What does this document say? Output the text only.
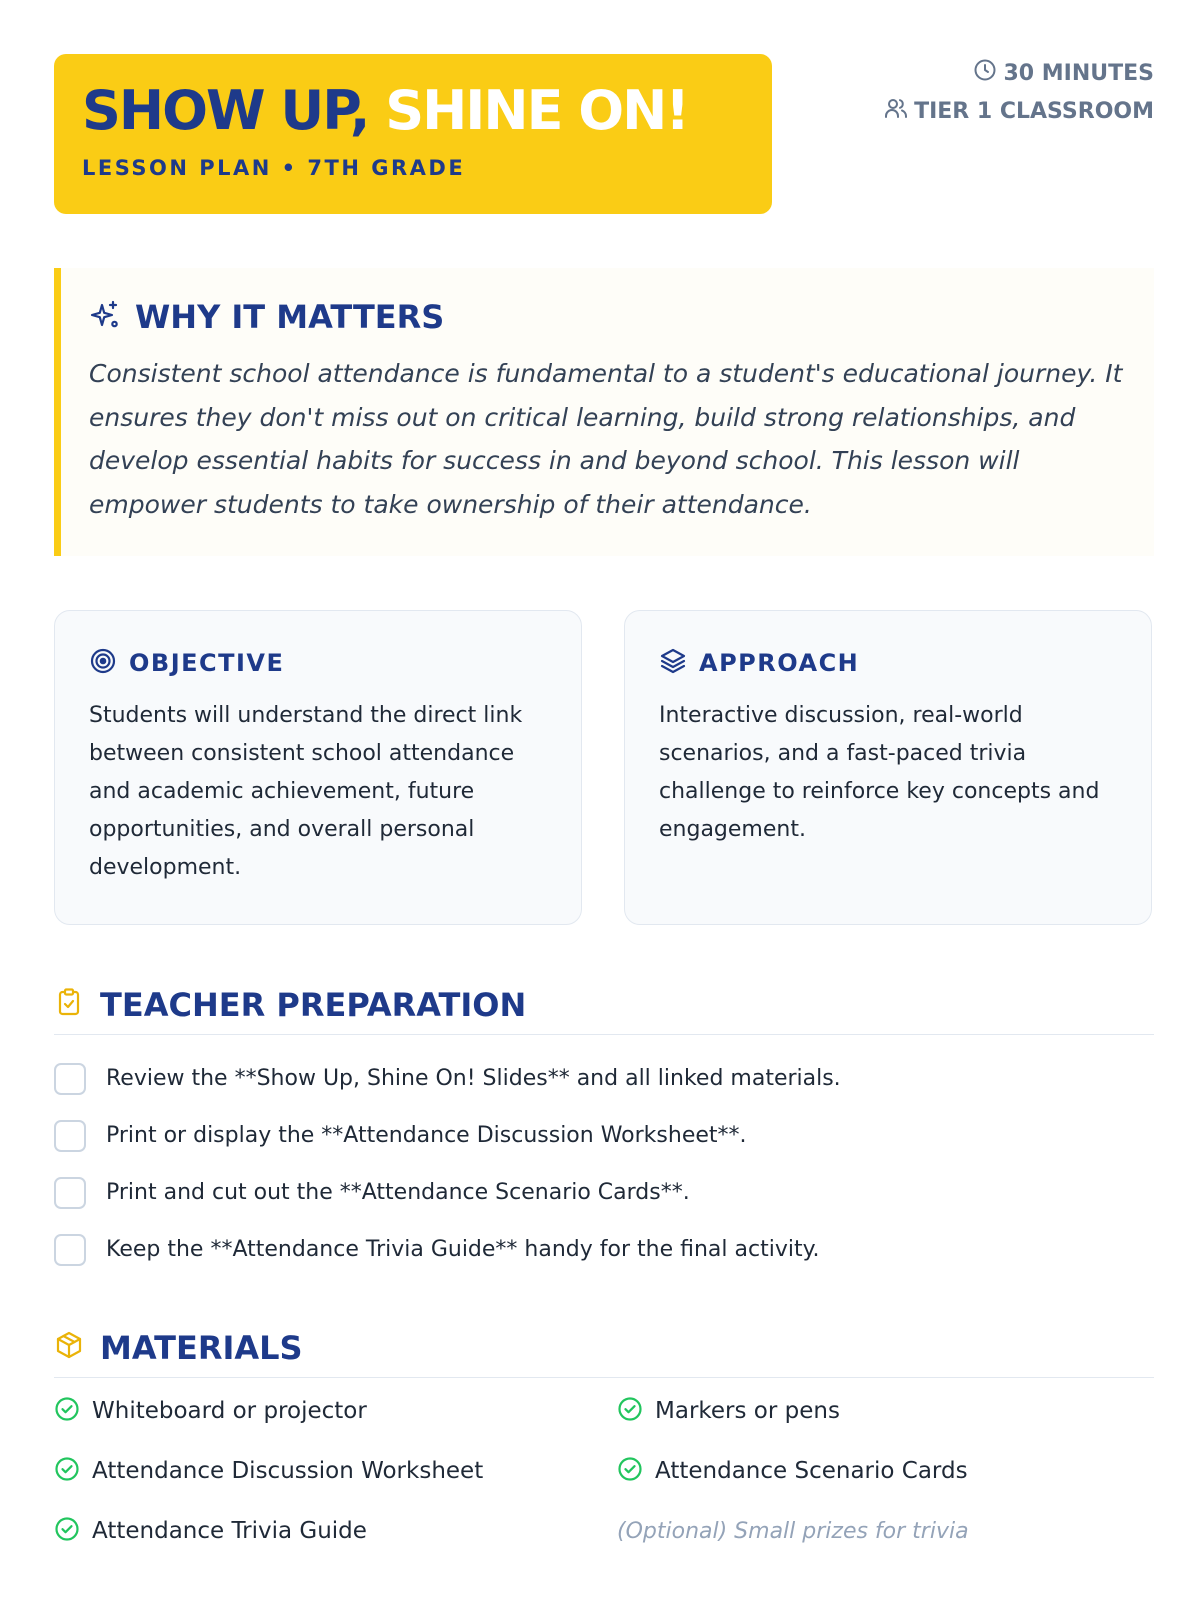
SHOW UP, SHINE ON!
LESSON PLAN • 7TH GRADE
30 MINUTES
TIER 1 CLASSROOM
WHY IT MATTERS

Consistent school attendance is fundamental to a student's educational journey. It ensures they don't miss out on critical learning, build strong relationships, and develop essential habits for success in and beyond school. This lesson will empower students to take ownership of their attendance.

OBJECTIVE

Students will understand the direct link between consistent school attendance and academic achievement, future opportunities, and overall personal development.

APPROACH

Interactive discussion, real-world scenarios, and a fast-paced trivia challenge to reinforce key concepts and engagement.

TEACHER PREPARATION
Review the **Show Up, Shine On! Slides** and all linked materials.
Print or display the **Attendance Discussion Worksheet**.
Print and cut out the **Attendance Scenario Cards**.
Keep the **Attendance Trivia Guide** handy for the final activity.
MATERIALS
Whiteboard or projector	Markers or pens
Attendance Discussion Worksheet	Attendance Scenario Cards
Attendance Trivia Guide	(Optional) Small prizes for trivia
